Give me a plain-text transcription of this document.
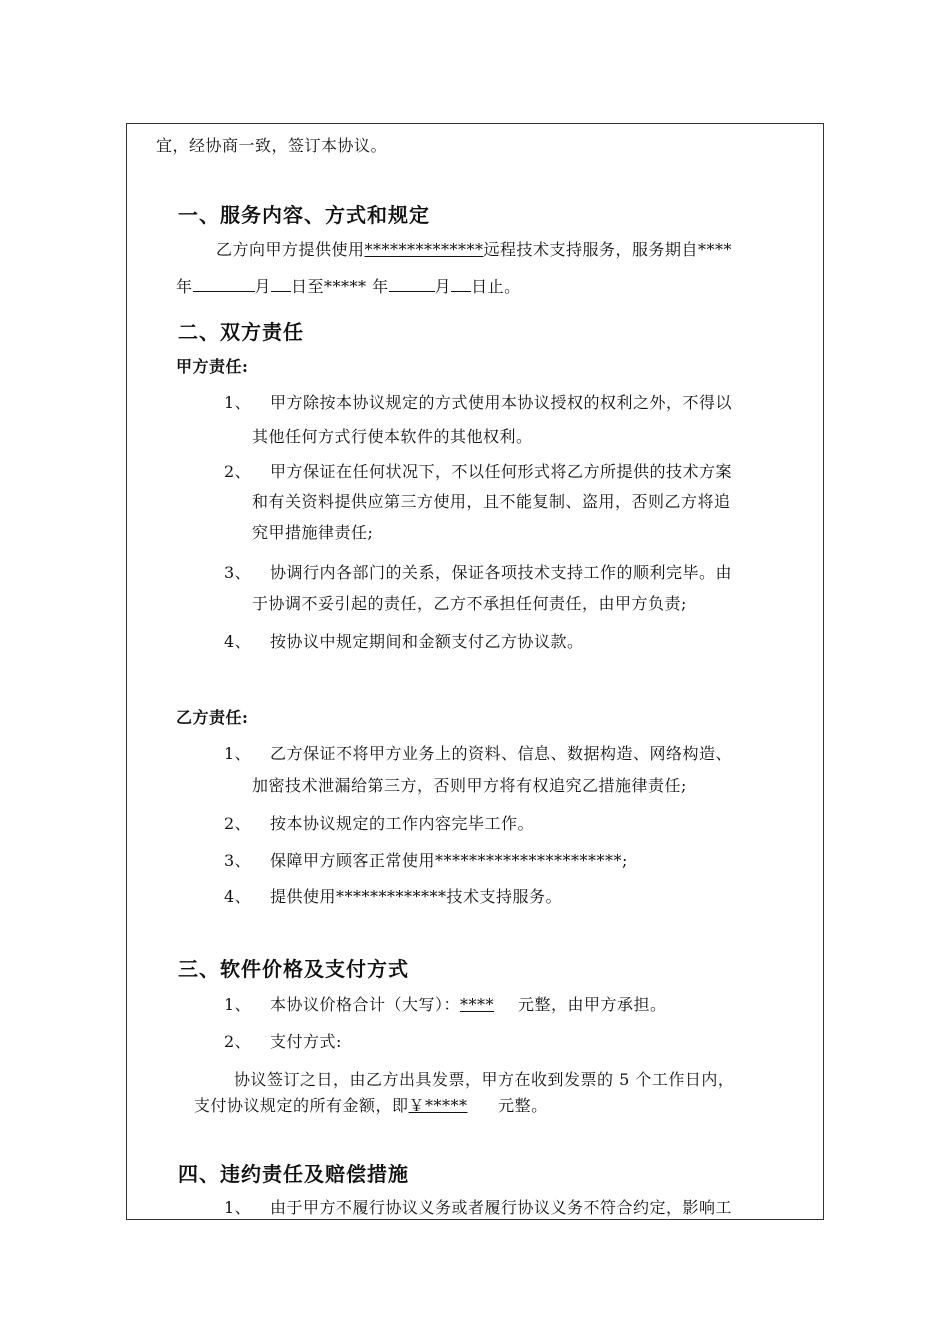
宜，经协商一致，签订本协议。
一、服务内容、方式和规定
乙方向甲方提供使用**************远程技术支持服务，服务期自****
年	月 日至***** 年	月 日止。
二、双方责任
甲方责任:
1、 甲方除按本协议规定的方式使用本协议授权的权利之外，不得以
其他任何方式行使本软件的其他权利。
2、 甲方保证在任何状况下，不以任何形式将乙方所提供的技术方案
和有关资料提供应第三方使用，且不能复制、盗用，否则乙方将追
究甲措施律责任;
3、 协调行内各部门的关系，保证各项技术支持工作的顺利完毕。由
于协调不妥引起的责任，乙方不承担任何责任，由甲方负责;
4、 按协议中规定期间和金额支付乙方协议款。
乙方责任:
1、 乙方保证不将甲方业务上的资料、信息、数据构造、网络构造、
加密技术泄漏给第三方，否则甲方将有权追究乙措施律责任;
2、 按本协议规定的工作内容完毕工作。
3、 保障甲方顾客正常使用**********************;
4、 提供使用*************技术支持服务。
三、软件价格及支付方式
1、 本协议价格合计（大写）：**** 元整，由甲方承担。
2、 支付方式:
协议签订之日，由乙方出具发票，甲方在收到发票的 5 个工作日内，
支付协议规定的所有金额，即￥***** 元整。
四、违约责任及赔偿措施
1、 由于甲方不履行协议义务或者履行协议义务不符合约定，影响工
